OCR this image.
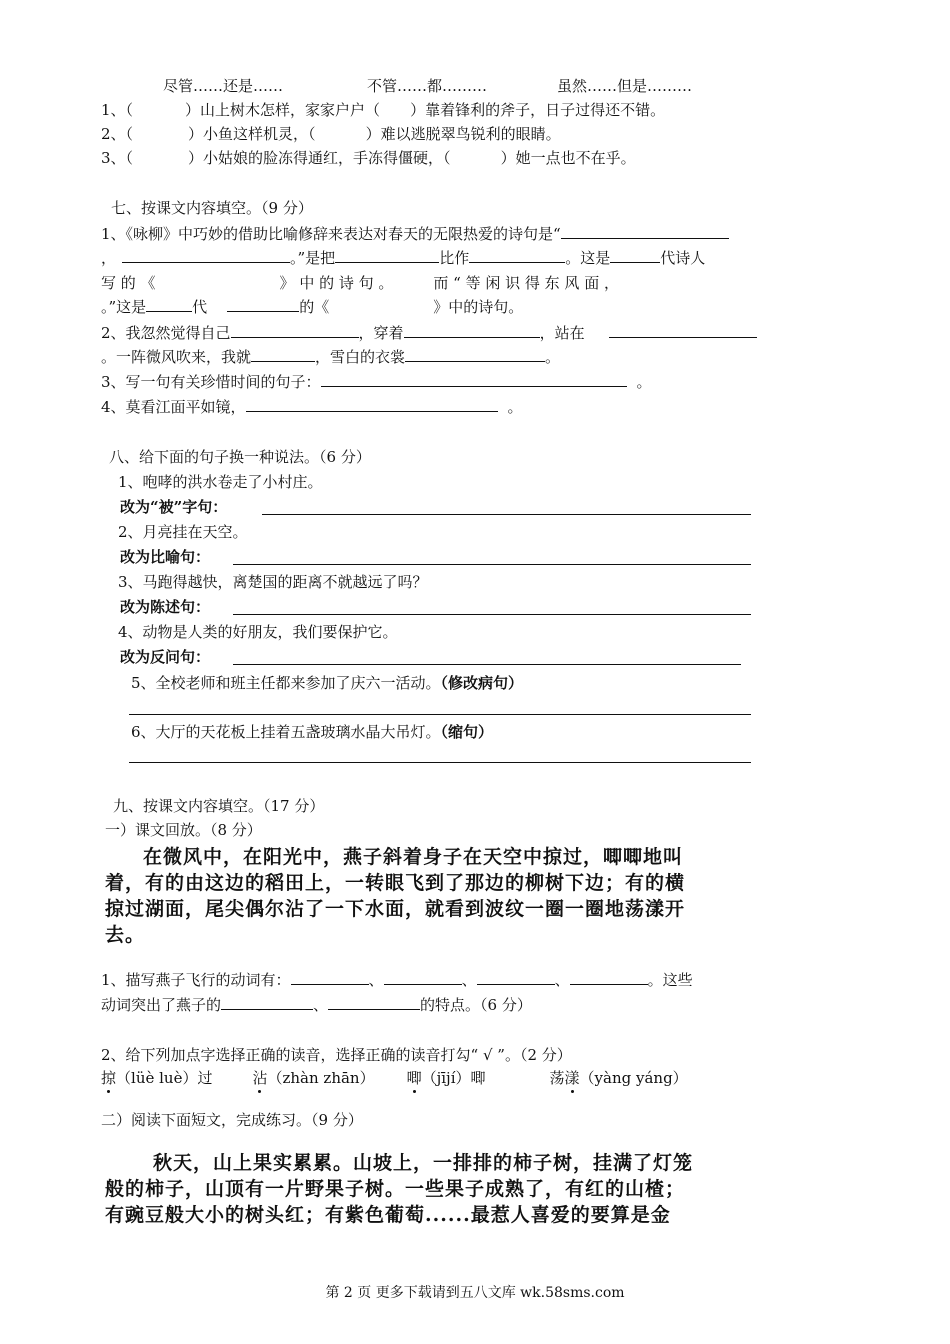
尽管……还是……	不管……都………	虽然……但是………
1、（	）山上树木怎样，家家户户（ ）靠着锋利的斧子，日子过得还不错。
2、（	）小鱼这样机灵，（	）难以逃脱翠鸟锐利的眼睛。
3、（	）小姑娘的脸冻得通红，手冻得僵硬，（	）她一点也不在乎。
七、按课文内容填空。（9 分）
1、《咏柳》中巧妙的借助比喻修辞来表达对春天的无限热爱的诗句是“
，	。”是把	比作	。这是	代诗人
写 的 《	》 中 的 诗 句 。	而 “ 等 闲 识 得 东 风 面 ，
。”这是	代	的《	》中的诗句。
2、我忽然觉得自己	，穿着	，站在
。一阵微风吹来，我就	，雪白的衣裳	。
3、写一句有关珍惜时间的句子：	。
4、莫看江面平如镜，	。
八、给下面的句子换一种说法。（6 分）
1、咆哮的洪水卷走了小村庄。
改为“被”字句：
2、月亮挂在天空。
改为比喻句：
3、马跑得越快，离楚国的距离不就越远了吗？
改为陈述句：
4、动物是人类的好朋友，我们要保护它。
改为反问句：
5、全校老师和班主任都来参加了庆六一活动。（修改病句）
6、大厅的天花板上挂着五盏玻璃水晶大吊灯。（缩句）
九、按课文内容填空。（17 分）
一）课文回放。（8 分）
在微风中，在阳光中，燕子斜着身子在天空中掠过，唧唧地叫
着，有的由这边的稻田上，一转眼飞到了那边的柳树下边；有的横
掠过湖面，尾尖偶尔沾了一下水面，就看到波纹一圈一圈地荡漾开
去。
1、描写燕子飞行的动词有：	、	、	、	。这些
动词突出了燕子的	、	的特点。（6 分）
2、给下列加点字选择正确的读音，选择正确的读音打勾“ √ ”。（2 分）
掠（lüè luè）过	沾（zhàn zhān） 唧（jījí）唧	荡漾（yàng yáng）
二）阅读下面短文，完成练习。（9 分）
秋天，山上果实累累。山坡上，一排排的柿子树，挂满了灯笼
般的柿子，山顶有一片野果子树。一些果子成熟了，有红的山楂；
有豌豆般大小的树头红；有紫色葡萄......最惹人喜爱的要算是金
第 2 页 更多下载请到五八文库 wk.58sms.com
